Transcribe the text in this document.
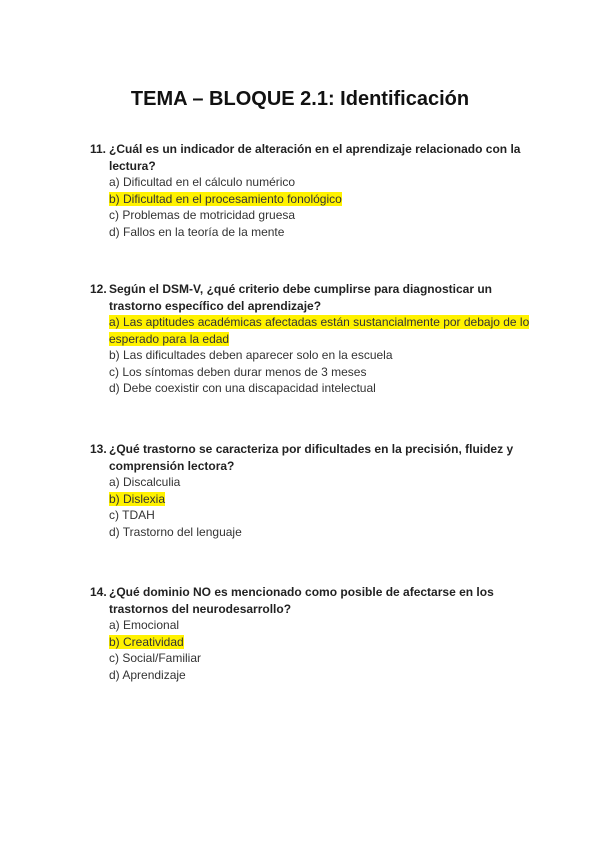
TEMA – BLOQUE 2.1: Identificación
11. ¿Cuál es un indicador de alteración en el aprendizaje relacionado con la lectura?
a) Dificultad en el cálculo numérico
b) Dificultad en el procesamiento fonológico
c) Problemas de motricidad gruesa
d) Fallos en la teoría de la mente
12. Según el DSM-V, ¿qué criterio debe cumplirse para diagnosticar un trastorno específico del aprendizaje?
a) Las aptitudes académicas afectadas están sustancialmente por debajo de lo esperado para la edad
b) Las dificultades deben aparecer solo en la escuela
c) Los síntomas deben durar menos de 3 meses
d) Debe coexistir con una discapacidad intelectual
13. ¿Qué trastorno se caracteriza por dificultades en la precisión, fluidez y comprensión lectora?
a) Discalculia
b) Dislexia
c) TDAH
d) Trastorno del lenguaje
14. ¿Qué dominio NO es mencionado como posible de afectarse en los trastornos del neurodesarrollo?
a) Emocional
b) Creatividad
c) Social/Familiar
d) Aprendizaje
